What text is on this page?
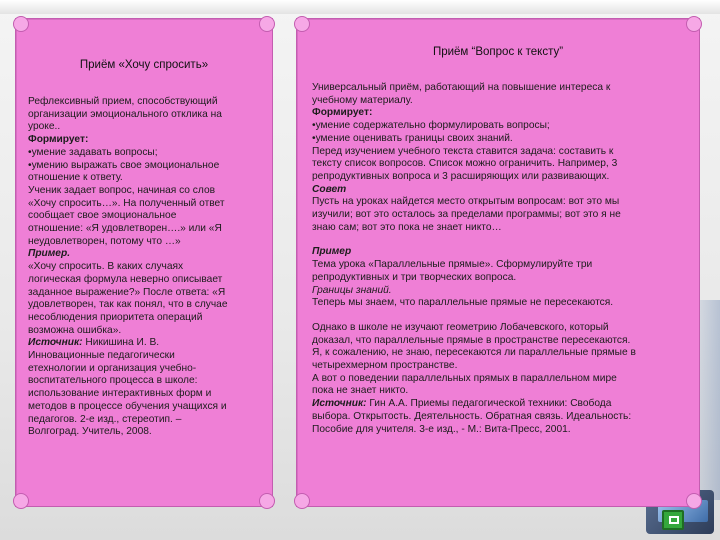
Приём «Хочу спросить»
Рефлексивный прием, способствующий
организации эмоционального отклика на
уроке..
Формирует:
•умение задавать вопросы;
•умению выражать свое эмоциональное
отношение к ответу.
Ученик задает вопрос, начиная со слов
«Хочу спросить…». На полученный ответ
сообщает свое эмоциональное
отношение: «Я удовлетворен….» или «Я
неудовлетворен, потому что …»
Пример.
«Хочу спросить. В каких случаях
логическая формула неверно описывает
заданное выражение?» После ответа: «Я
удовлетворен, так как понял, что в случае
несоблюдения приоритета операций
возможна ошибка».
Источник: Никишина И. В.
Инновационные педагогически
етехнологии и организация учебно-
воспитательного процесса в школе:
использование интерактивных форм и
методов в процессе обучения учащихся и
педагогов. 2-е изд., стереотип. –
Волгоград. Учитель, 2008.
Приём “Вопрос к тексту”
Универсальный приём, работающий на повышение интереса к
учебному материалу.
Формирует:
•умение содержательно формулировать вопросы;
•умение оценивать границы своих знаний.
Перед изучением учебного текста ставится задача: составить к
тексту список вопросов. Список можно ограничить. Например, 3
репродуктивных вопроса и 3 расширяющих или развивающих.
Совет
Пусть на уроках найдется место открытым вопросам: вот это мы
изучили; вот это осталось за пределами программы; вот это я не
знаю сам; вот это пока не знает никто…
Пример
Тема урока «Параллельные прямые». Сформулируйте три
репродуктивных и три творческих вопроса.
Границы знаний.
Теперь мы знаем, что параллельные прямые не пересекаются.
Однако в школе не изучают геометрию Лобачевского, который
доказал, что параллельные прямые в пространстве пересекаются.
Я, к сожалению, не знаю, пересекаются ли параллельные прямые в
четырехмерном пространстве.
А вот о поведении параллельных прямых в параллельном мире
пока не знает никто.
Источник: Гин А.А. Приемы педагогической техники: Свобода
выбора. Открытость. Деятельность. Обратная связь. Идеальность:
Пособие для учителя. 3-е изд., - М.: Вита-Пресс, 2001.
